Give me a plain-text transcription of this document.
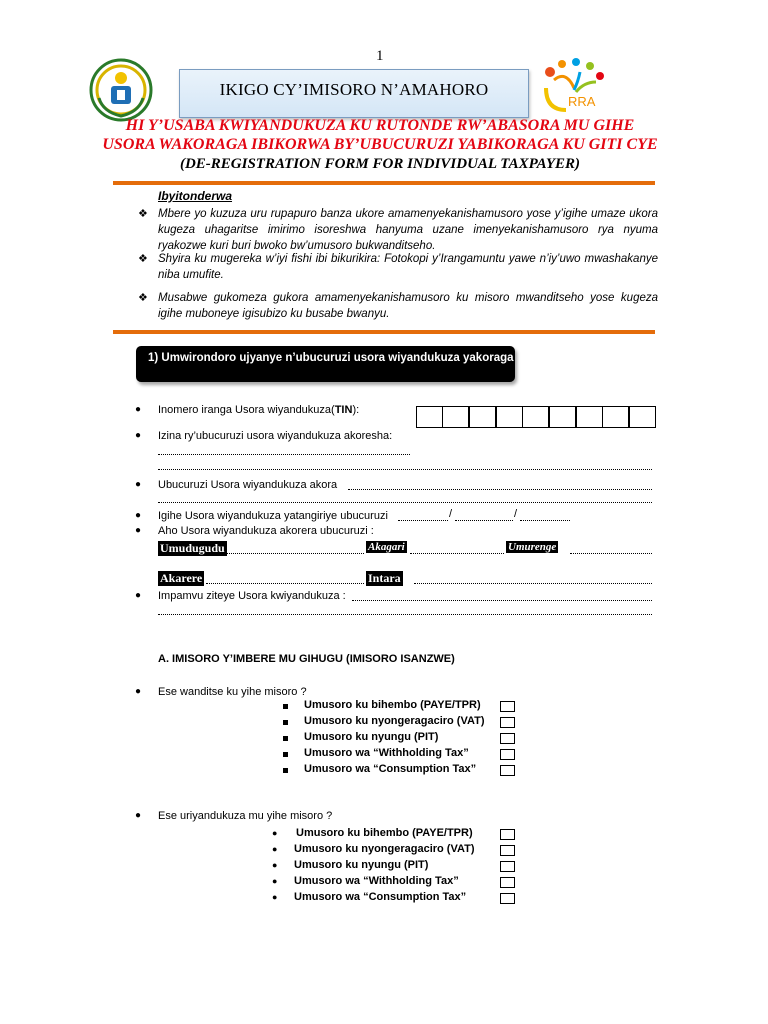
1
IKIGO CY’IMISORO N’AMAHORO
RRA
HI Y’USABA KWIYANDUKUZA KU RUTONDE RW’ABASORA MU GIHE
USORA WAKORAGA IBIKORWA BY’UBUCURUZI YABIKORAGA KU GITI CYE
(DE-REGISTRATION FORM FOR INDIVIDUAL TAXPAYER)
Ibyitonderwa
❖ Mbere yo kuzuza uru rupapuro banza ukore amamenyekanishamusoro yose y’igihe umaze ukora kugeza uhagaritse imirimo isoreshwa hanyuma uzane imenyekanishamusoro rya nyuma ryakozwe kuri buri bwoko bw’umusoro bukwanditseho.
❖ Shyira ku mugereka w’iyi fishi ibi bikurikira: Fotokopi y’Irangamuntu yawe n’iy’uwo mwashakanye niba umufite.
❖ Musabwe gukomeza gukora amamenyekanishamusoro ku misoro mwanditseho yose kugeza igihe muboneye igisubizo ku busabe bwanyu.
1) Umwirondoro ujyanye n’ubucuruzi usora wiyandukuza yakoraga
● Inomero iranga Usora wiyandukuza(TIN):
● Izina ry’ubucuruzi usora wiyandukuza akoresha:
● Ubucuruzi Usora wiyandukuza akora
● Igihe Usora wiyandukuza yatangiriye ubucuruzi	/	/
● Aho Usora wiyandukuza akorera ubucuruzi :
Umudugudu	Akagari	Umurenge
Akarere	Intara
● Impamvu ziteye Usora kwiyandukuza :
A. IMISORO Y’IMBERE MU GIHUGU (IMISORO ISANZWE)
● Ese wanditse ku yihe misoro ?
Umusoro ku bihembo (PAYE/TPR)
Umusoro ku nyongeragaciro (VAT)
Umusoro ku nyungu (PIT)
Umusoro wa “Withholding Tax”
Umusoro wa “Consumption Tax”
● Ese uriyandukuza mu yihe misoro ?
● Umusoro ku bihembo (PAYE/TPR)
● Umusoro ku nyongeragaciro (VAT)
● Umusoro ku nyungu (PIT)
● Umusoro wa “Withholding Tax”
● Umusoro wa “Consumption Tax”
